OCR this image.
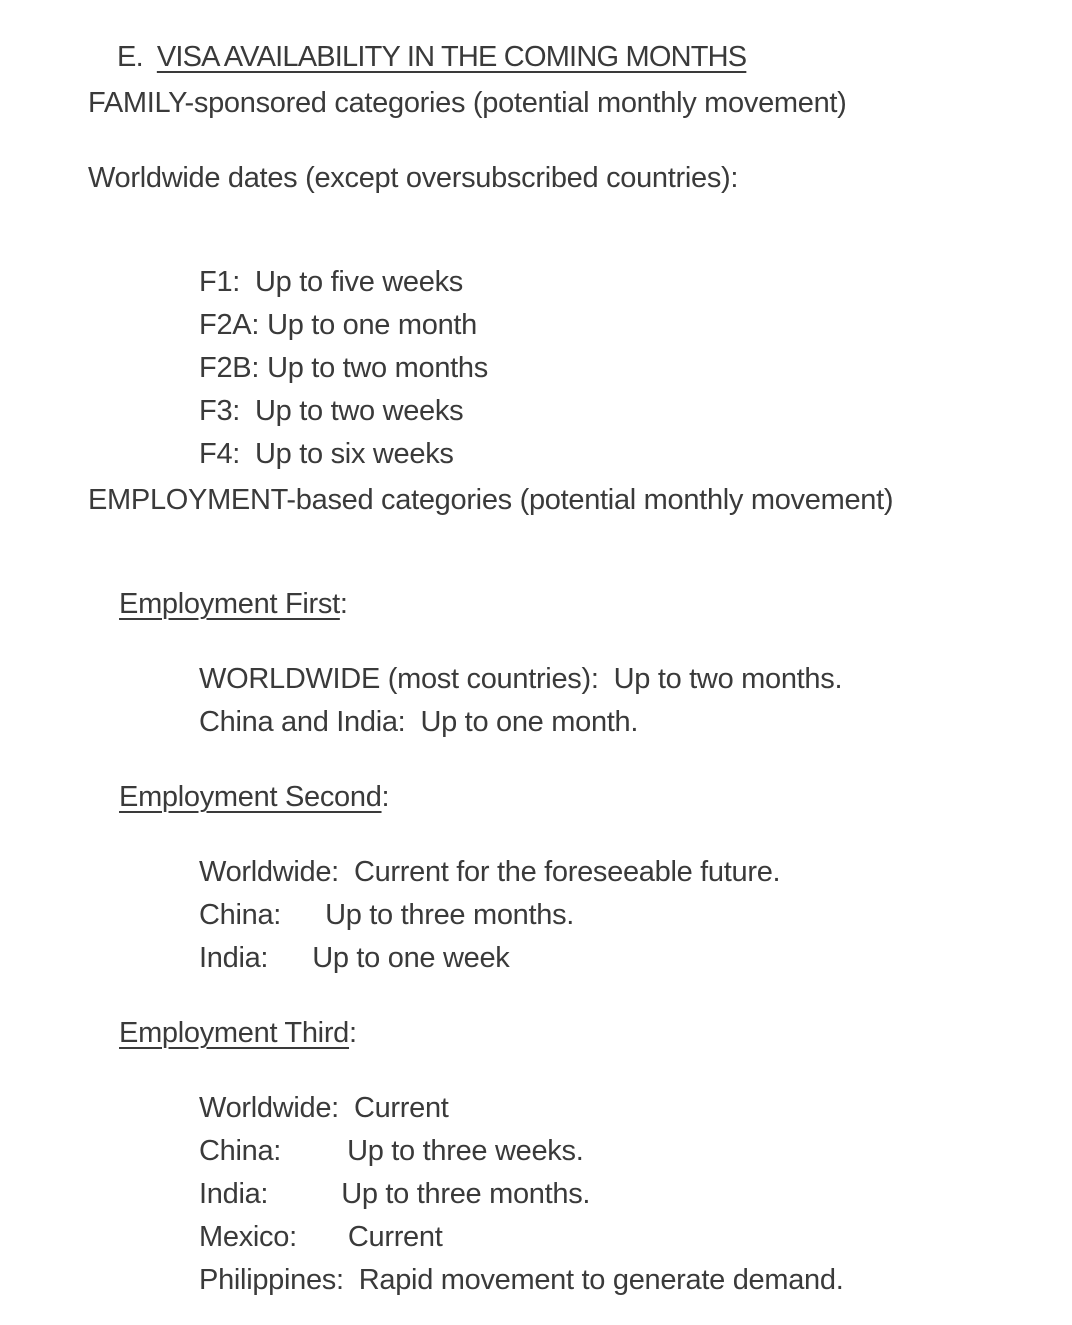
E. VISA AVAILABILITY IN THE COMING MONTHS

FAMILY-sponsored categories (potential monthly movement)
Worldwide dates (except oversubscribed countries):

F1: Up to five weeks

F2A: Up to one month

F2B: Up to two months

F3: Up to two weeks

F4: Up to six weeks

EMPLOYMENT-based categories (potential monthly movement)

Employment First:

WORLDWIDE (most countries): Up to two months.

China and India: Up to one month.

Employment Second:

Worldwide: Current for the foreseeable future.

China: Up to three months.

India: Up to one week

Employment Third:

Worldwide: Current

China: Up to three weeks.

India:	Up to three months.

Mexico: Current

Philippines: Rapid movement to generate demand.
